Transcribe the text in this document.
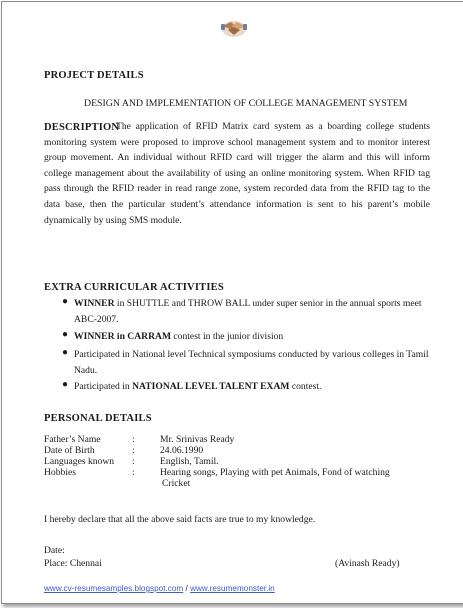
PROJECT DETAILS
DESIGN AND IMPLEMENTATION OF COLLEGE MANAGEMENT SYSTEM
DESCRIPTION
The application of RFID Matrix card system as a boarding college students monitoring system were proposed to improve school management system and to monitor interest group movement. An individual without RFID card will trigger the alarm and this will inform college management about the availability of using an online monitoring system. When RFID tag pass through the RFID reader in read range zone, system recorded data from the RFID tag to the data base, then the particular student’s attendance information is sent to his parent’s mobile dynamically by using SMS module.
EXTRA CURRICULAR ACTIVITIES
● WINNER in SHUTTLE and THROW BALL under super senior in the annual sports meet ABC-2007.
● WINNER in CARRAM contest in the junior division
● Participated in National level Technical symposiums conducted by various colleges in Tamil Nadu.
● Participated in NATIONAL LEVEL TALENT EXAM contest.
PERSONAL DETAILS
Father’s Name	:	Mr. Srinivas Ready
Date of Birth	:	24.06.1990
Languages known :	English, Tamil.
Hobbies	:	Hearing songs, Playing with pet Animals, Fond of watching
Cricket
I hereby declare that all the above said facts are true to my knowledge.
Date:
Place: Chennai	(Avinash Ready)
www.cv-resumesamples.blogspot.com / www.resumemonster.in
